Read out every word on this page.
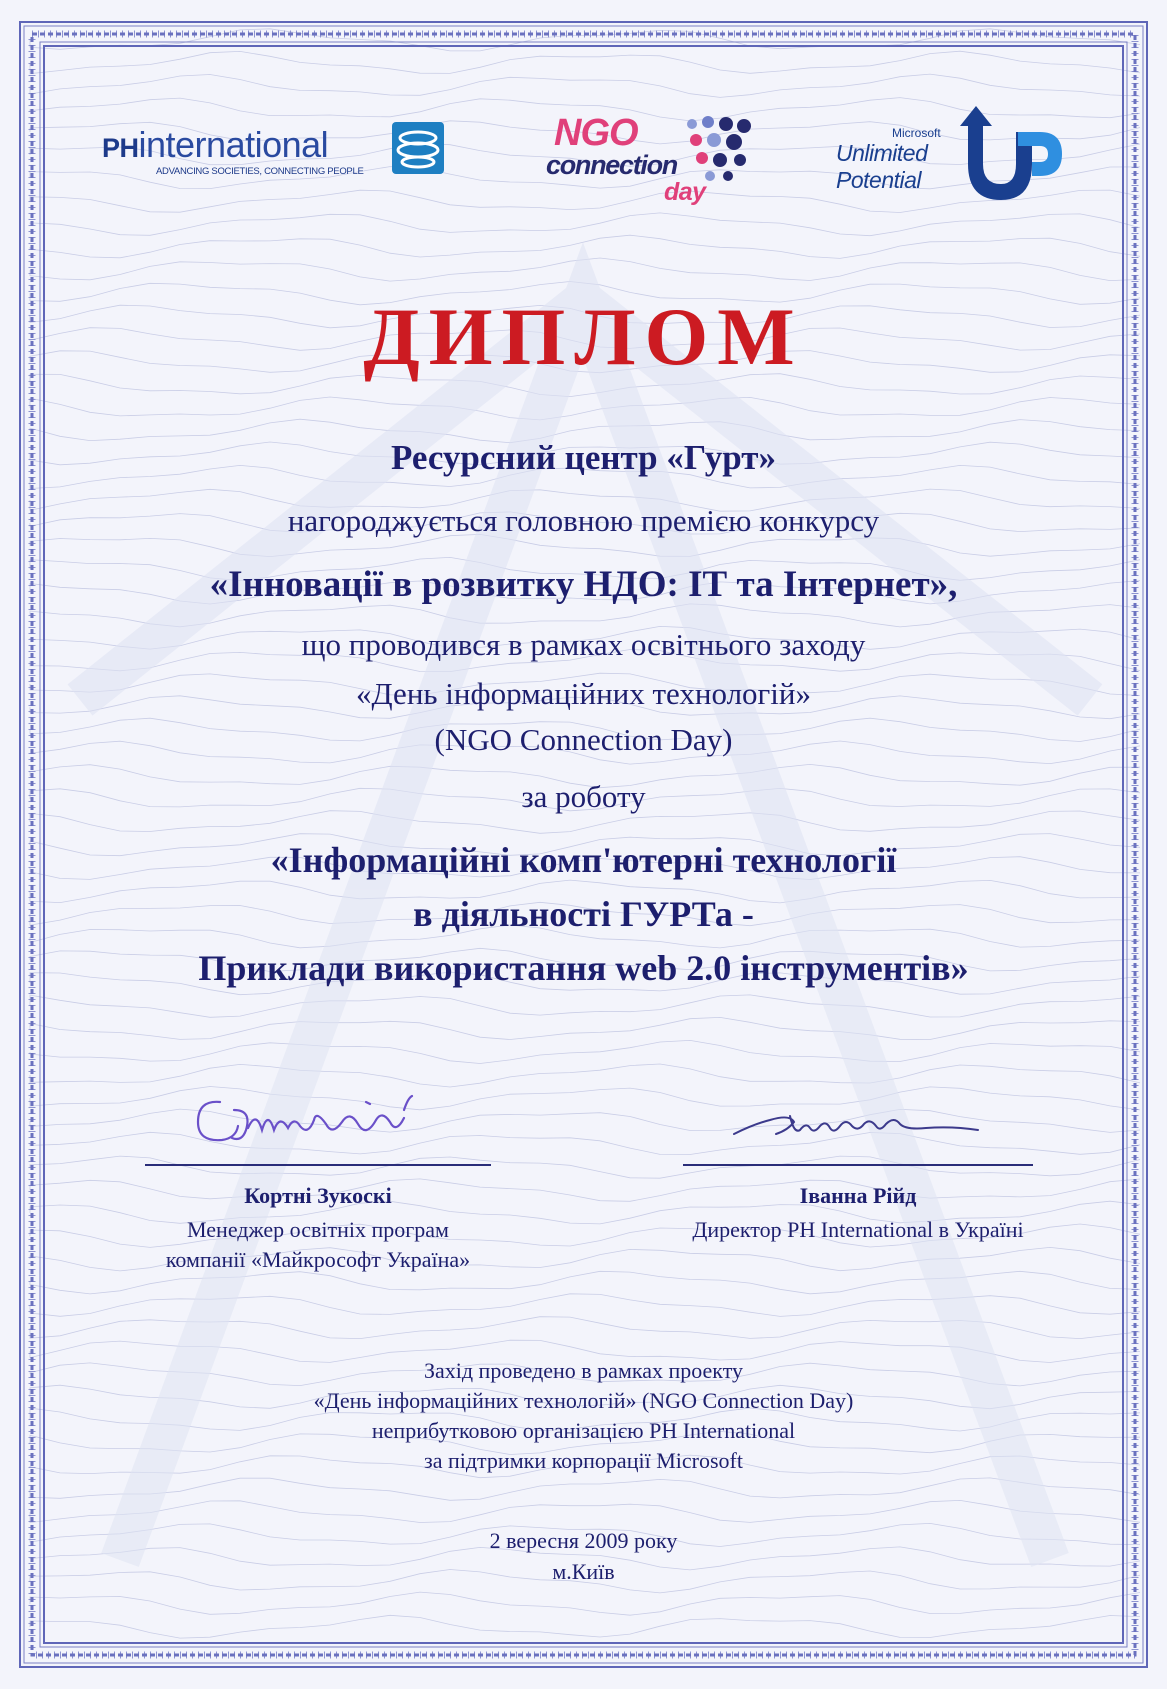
PHinternational
ADVANCING SOCIETIES, CONNECTING PEOPLE
NGO
connection
day
Microsoft
Unlimited
Potential
ДИПЛОМ
Ресурсний центр «Гурт»
нагороджується головною премією конкурсу
«Інновації в розвитку НДО: ІТ та Інтернет»,
що проводився в рамках освітнього заходу
«День інформаційних технологій»
(NGO Connection Day)
за роботу
«Інформаційні комп'ютерні технології
в діяльності ГУРТа -
Приклади використання web 2.0 інструментів»
Кортні Зукоскі
Менеджер освітніх програм
компанії «Майкрософт Україна»
Іванна Рійд
Директор PH International в Україні
Захід проведено в рамках проекту
«День інформаційних технологій» (NGO Connection Day)
неприбутковою організацією PH International
за підтримки корпорації Microsoft
2 вересня 2009 року
м.Київ
